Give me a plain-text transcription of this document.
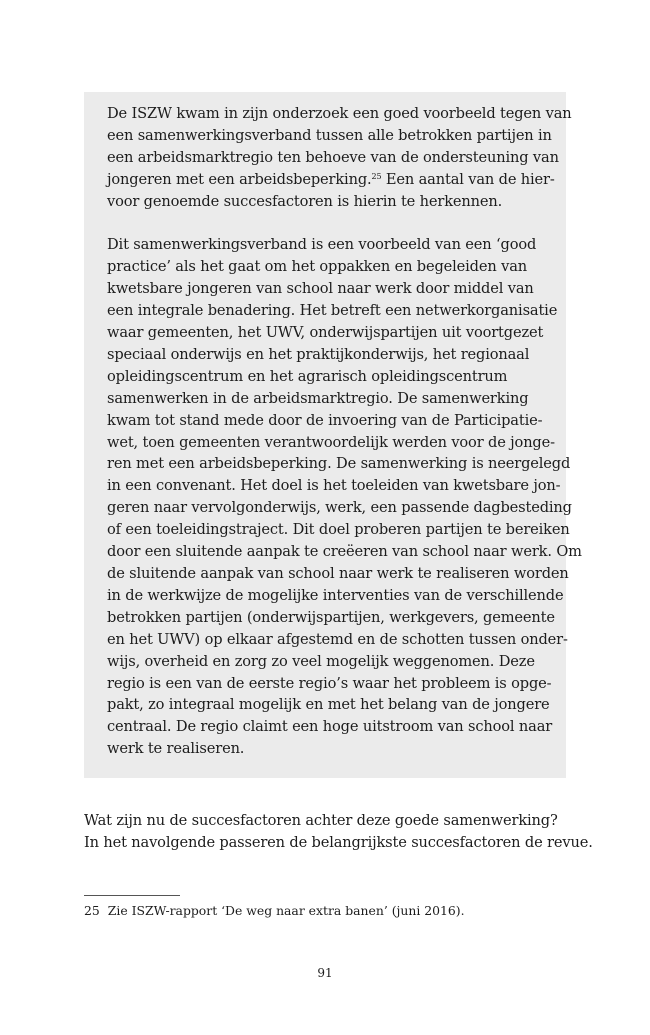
De ISZW kwam in zijn onderzoek een goed voorbeeld tegen van
een samenwerkingsverband tussen alle betrokken partijen in
een arbeidsmarktregio ten behoeve van de ondersteuning van
jongeren met een arbeidsbeperking.$^{25}$ Een aantal van de hier-
voor genoemde succesfactoren is hierin te herkennen.
Dit samenwerkingsverband is een voorbeeld van een ‘good
practice’ als het gaat om het oppakken en begeleiden van
kwetsbare jongeren van school naar werk door middel van
een integrale benadering. Het betreft een netwerkorganisatie
waar gemeenten, het UWV, onderwijspartijen uit voortgezet
speciaal onderwijs en het praktijkonderwijs, het regionaal
opleidingscentrum en het agrarisch opleidingscentrum
samenwerken in de arbeidsmarktregio. De samenwerking
kwam tot stand mede door de invoering van de Participatie-
wet, toen gemeenten verantwoordelijk werden voor de jonge-
ren met een arbeidsbeperking. De samenwerking is neergelegd
in een convenant. Het doel is het toeleiden van kwetsbare jon-
geren naar vervolgonderwijs, werk, een passende dagbesteding
of een toeleidingstraject. Dit doel proberen partijen te bereiken
door een sluitende aanpak te creëeren van school naar werk. Om
de sluitende aanpak van school naar werk te realiseren worden
in de werkwijze de mogelijke interventies van de verschillende
betrokken partijen (onderwijspartijen, werkgevers, gemeente
en het UWV) op elkaar afgestemd en de schotten tussen onder-
wijs, overheid en zorg zo veel mogelijk weggenomen. Deze
regio is een van de eerste regio’s waar het probleem is opge-
pakt, zo integraal mogelijk en met het belang van de jongere
centraal. De regio claimt een hoge uitstroom van school naar
werk te realiseren.
Wat zijn nu de succesfactoren achter deze goede samenwerking?
In het navolgende passeren de belangrijkste succesfactoren de revue.
25 Zie ISZW-rapport ‘De weg naar extra banen’ (juni 2016).
91
